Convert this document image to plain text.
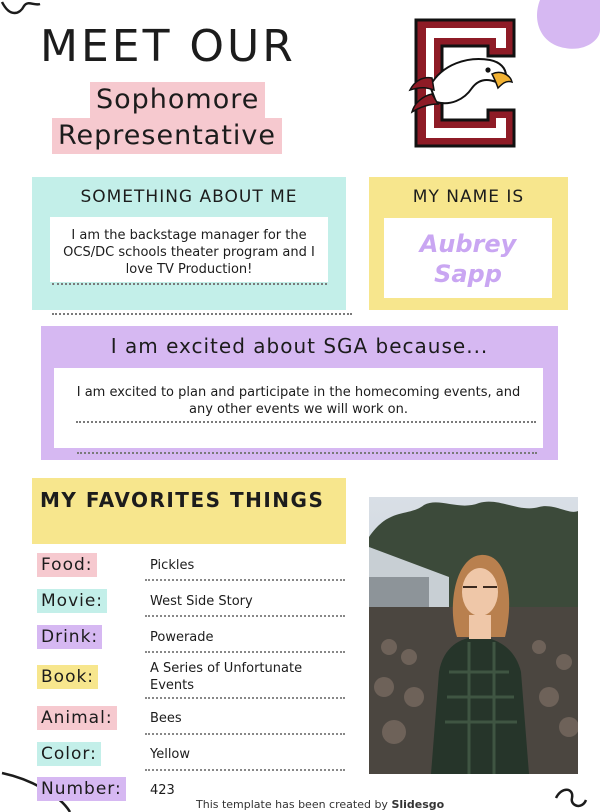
MEET OUR
Sophomore
Representative
SOMETHING ABOUT ME
I am the backstage manager for the OCS/DC schools theater program and I love TV Production!
MY NAME IS
Aubrey
Sapp
I am excited about SGA because...
I am excited to plan and participate in the homecoming events, and any other events we will work on.
MY FAVORITES THINGS
Food:	Pickles
Movie:	West Side Story
Drink:	Powerade
Book:	A Series of Unfortunate Events
Animal:	Bees
Color:	Yellow
Number:	423
This template has been created by Slidesgo
